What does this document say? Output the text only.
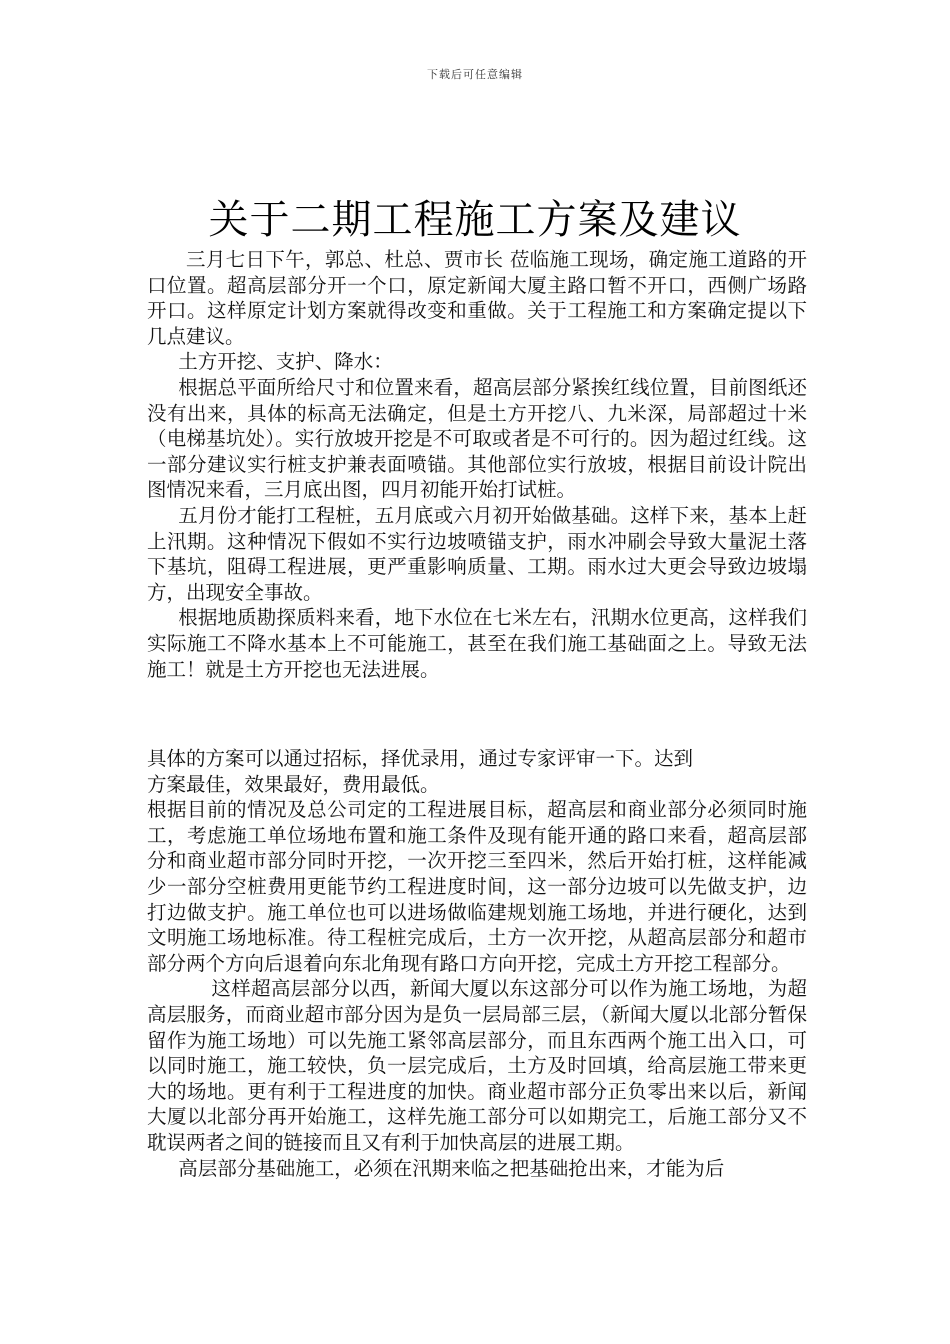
下载后可任意编辑
关于二期工程施工方案及建议

三月七日下午，郭总、杜总、贾市长 莅临施工现场，确定施工道路的开口位置。超高层部分开一个口，原定新闻大厦主路口暂不开口，西侧广场路开口。这样原定计划方案就得改变和重做。关于工程施工和方案确定提以下几点建议。

土方开挖、支护、降水：

根据总平面所给尺寸和位置来看，超高层部分紧挨红线位置，目前图纸还没有出来，具体的标高无法确定，但是土方开挖八、九米深，局部超过十米（电梯基坑处）。实行放坡开挖是不可取或者是不可行的。因为超过红线。这一部分建议实行桩支护兼表面喷锚。其他部位实行放坡，根据目前设计院出图情况来看，三月底出图，四月初能开始打试桩。

五月份才能打工程桩，五月底或六月初开始做基础。这样下来，基本上赶上汛期。这种情况下假如不实行边坡喷锚支护，雨水冲刷会导致大量泥土落下基坑，阻碍工程进展，更严重影响质量、工期。雨水过大更会导致边坡塌方，出现安全事故。

根据地质勘探质料来看，地下水位在七米左右，汛期水位更高，这样我们实际施工不降水基本上不可能施工，甚至在我们施工基础面之上。导致无法施工！就是土方开挖也无法进展。

具体的方案可以通过招标，择优录用，通过专家评审一下。达到

方案最佳，效果最好，费用最低。

根据目前的情况及总公司定的工程进展目标，超高层和商业部分必须同时施工，考虑施工单位场地布置和施工条件及现有能开通的路口来看，超高层部分和商业超市部分同时开挖，一次开挖三至四米，然后开始打桩，这样能减少一部分空桩费用更能节约工程进度时间，这一部分边坡可以先做支护，边打边做支护。施工单位也可以进场做临建规划施工场地，并进行硬化，达到文明施工场地标准。待工程桩完成后，土方一次开挖，从超高层部分和超市部分两个方向后退着向东北角现有路口方向开挖，完成土方开挖工程部分。

这样超高层部分以西，新闻大厦以东这部分可以作为施工场地，为超高层服务，而商业超市部分因为是负一层局部三层，（新闻大厦以北部分暂保留作为施工场地）可以先施工紧邻高层部分，而且东西两个施工出入口，可以同时施工，施工较快，负一层完成后，土方及时回填，给高层施工带来更大的场地。更有利于工程进度的加快。商业超市部分正负零出来以后，新闻大厦以北部分再开始施工，这样先施工部分可以如期完工，后施工部分又不耽误两者之间的链接而且又有利于加快高层的进展工期。

高层部分基础施工，必须在汛期来临之把基础抢出来，才能为后
